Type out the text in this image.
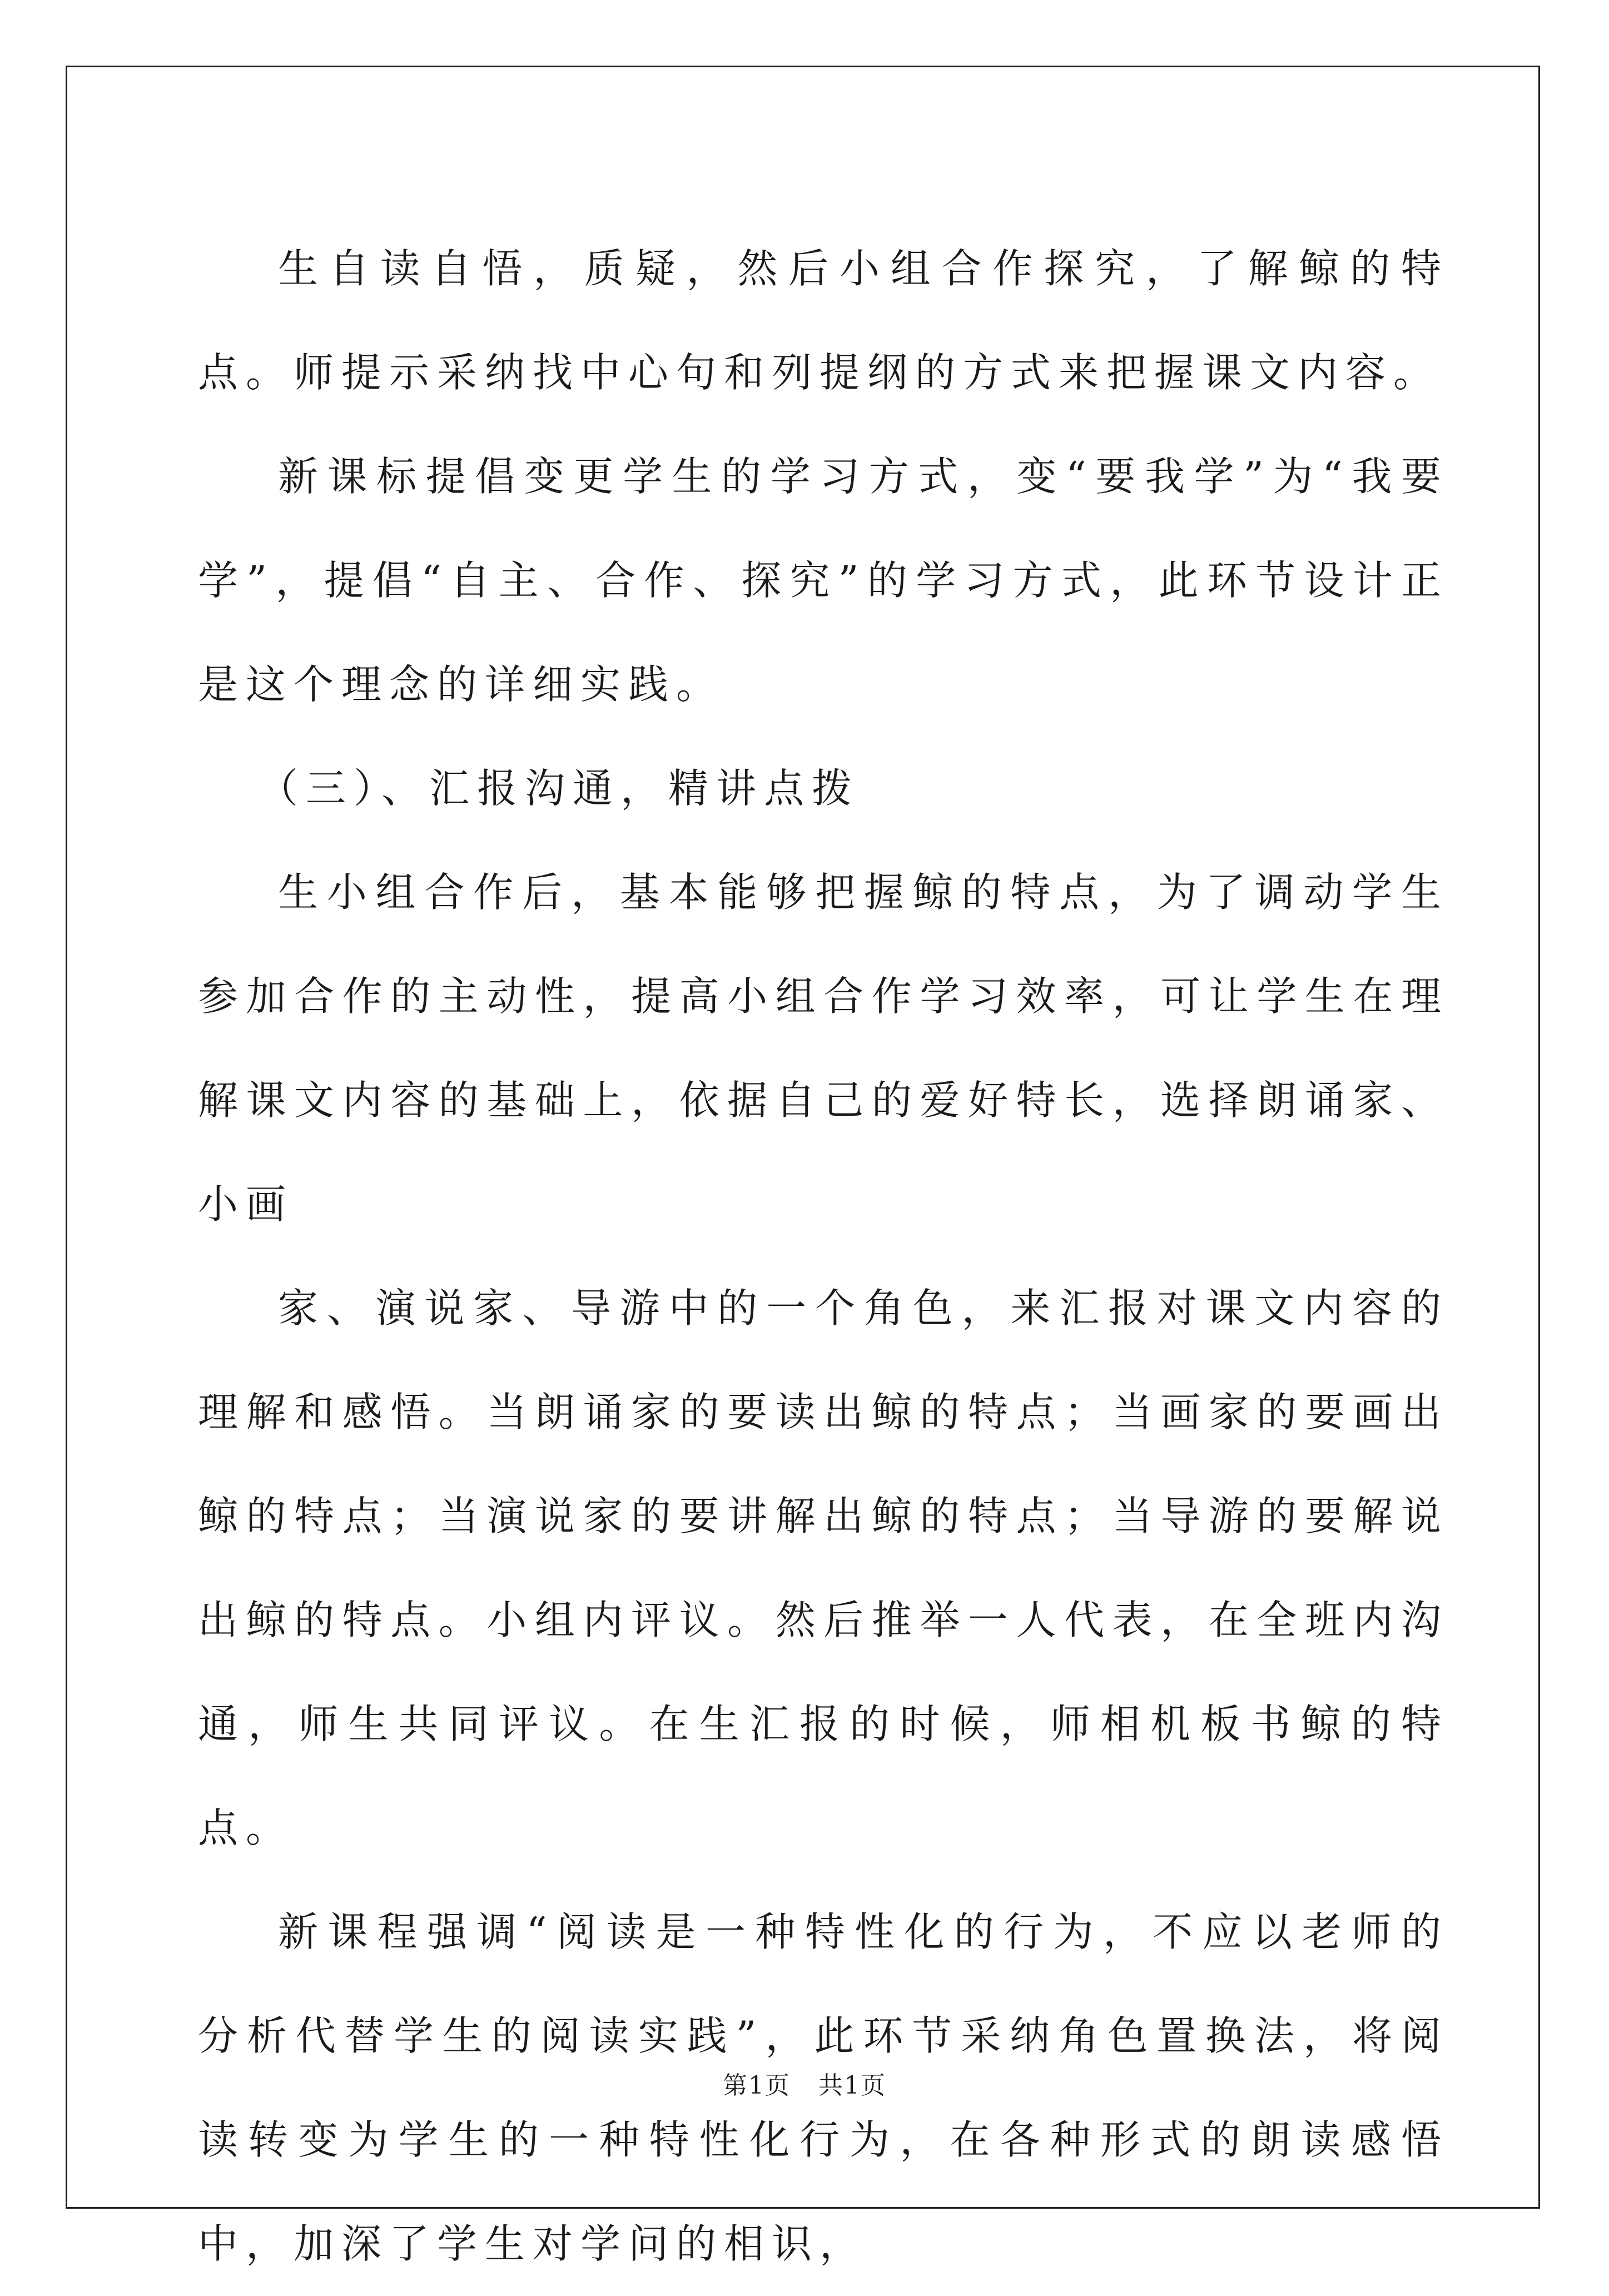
生自读自悟，质疑，然后小组合作探究，了解鲸的特点。师提示采纳找中心句和列提纲的方式来把握课文内容。

新课标提倡变更学生的学习方式，变“要我学”为“我要学”，提倡“自主、合作、探究”的学习方式，此环节设计正是这个理念的详细实践。

（三）、汇报沟通，精讲点拨

生小组合作后，基本能够把握鲸的特点，为了调动学生参加合作的主动性，提高小组合作学习效率，可让学生在理解课文内容的基础上，依据自己的爱好特长，选择朗诵家、小画

家、演说家、导游中的一个角色，来汇报对课文内容的理解和感悟。当朗诵家的要读出鲸的特点；当画家的要画出鲸的特点；当演说家的要讲解出鲸的特点；当导游的要解说出鲸的特点。小组内评议。然后推举一人代表，在全班内沟通，师生共同评议。在生汇报的时候，师相机板书鲸的特点。

新课程强调“阅读是一种特性化的行为，不应以老师的分析代替学生的阅读实践”，此环节采纳角色置换法，将阅读转变为学生的一种特性化行为，在各种形式的朗读感悟中，加深了学生对学问的相识，

第1页 共1页
